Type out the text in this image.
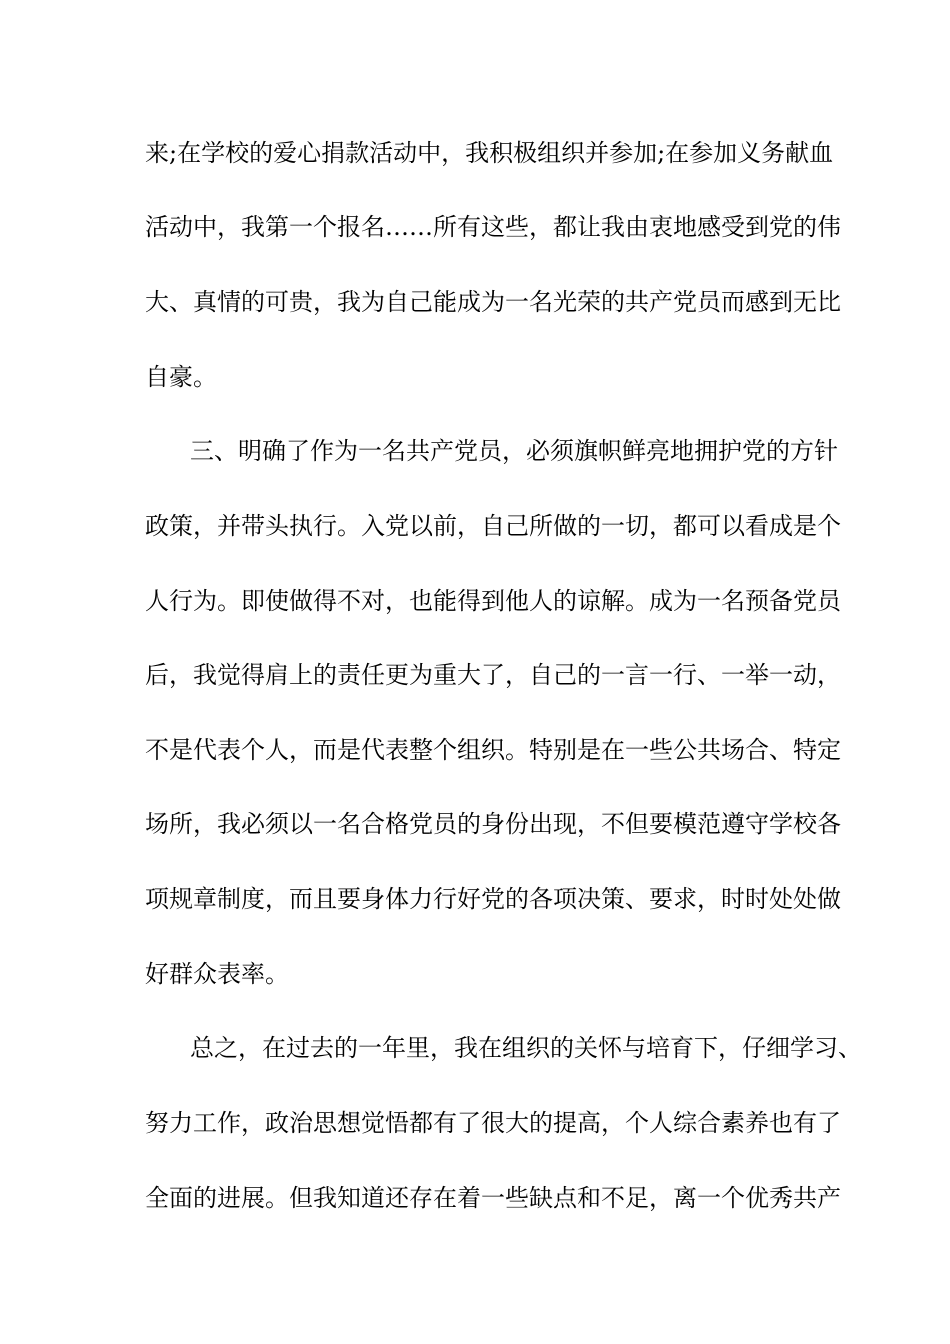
来;在学校的爱心捐款活动中，我积极组织并参加;在参加义务献血
活动中，我第一个报名……所有这些，都让我由衷地感受到党的伟
大、真情的可贵，我为自己能成为一名光荣的共产党员而感到无比
自豪。
三、明确了作为一名共产党员，必须旗帜鲜亮地拥护党的方针
政策，并带头执行。入党以前，自己所做的一切，都可以看成是个
人行为。即使做得不对，也能得到他人的谅解。成为一名预备党员
后，我觉得肩上的责任更为重大了，自己的一言一行、一举一动，
不是代表个人，而是代表整个组织。特别是在一些公共场合、特定
场所，我必须以一名合格党员的身份出现，不但要模范遵守学校各
项规章制度，而且要身体力行好党的各项决策、要求，时时处处做
好群众表率。
总之，在过去的一年里，我在组织的关怀与培育下，仔细学习、
努力工作，政治思想觉悟都有了很大的提高，个人综合素养也有了
全面的进展。但我知道还存在着一些缺点和不足，离一个优秀共产
